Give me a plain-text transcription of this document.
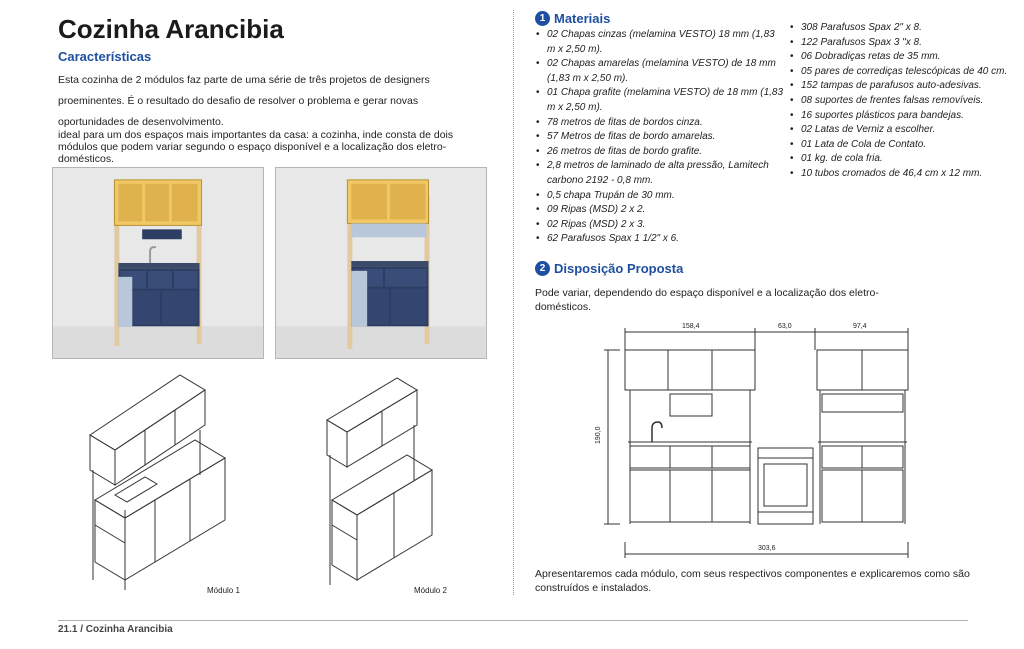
Cozinha Arancibia
Características

Esta cozinha de 2 módulos faz parte de uma série de três projetos de designers proeminentes. É o resultado do desafio de resolver o problema e gerar novas oportunidades de desenvolvimento.

ideal para um dos espaços mais importantes da casa: a cozinha, inde consta de dois módulos que podem variar segundo o espaço disponível e a localização dos eletro-domésticos.

Módulo 1	Módulo 2
1 Materiais
• 02 Chapas cinzas (melamina VESTO) 18 mm (1,83 m x 2,50 m).
• 02 Chapas amarelas (melamina VESTO) de 18 mm (1,83 m x 2,50 m).
• 01 Chapa grafite (melamina VESTO) de 18 mm (1,83 m x 2,50 m).
• 78 metros de fitas de bordos cinza.
• 57 Metros de fitas de bordo amarelas.
• 26 metros de fitas de bordo grafite.
• 2,8 metros de laminado de alta pressão, Lamitech carbono 2192 - 0,8 mm.
• 0,5 chapa Trupán de 30 mm.
• 09 Ripas (MSD) 2 x 2.
• 02 Ripas (MSD) 2 x 3.
• 62 Parafusos Spax 1 1/2" x 6.
• 308 Parafusos Spax 2" x 8.
• 122 Parafusos Spax 3 "x 8.
• 06 Dobradiças retas de 35 mm.
• 05 pares de corrediças telescópicas de 40 cm.
• 152 tampas de parafusos auto-adesivas.
• 08 suportes de frentes falsas removíveis.
• 16 suportes plásticos para bandejas.
• 02 Latas de Verniz a escolher.
• 01 Lata de Cola de Contato.
• 01 kg. de cola fria.
• 10 tubos cromados de 46,4 cm x 12 mm.
2 Disposição Proposta

Pode variar, dependendo do espaço disponível e a localização dos eletro-domésticos.

158,4	63,0	97,4
190,0
303,6

Apresentaremos cada módulo, com seus respectivos componentes e explicaremos como são construídos e instalados.

21.1 / Cozinha Arancibia
